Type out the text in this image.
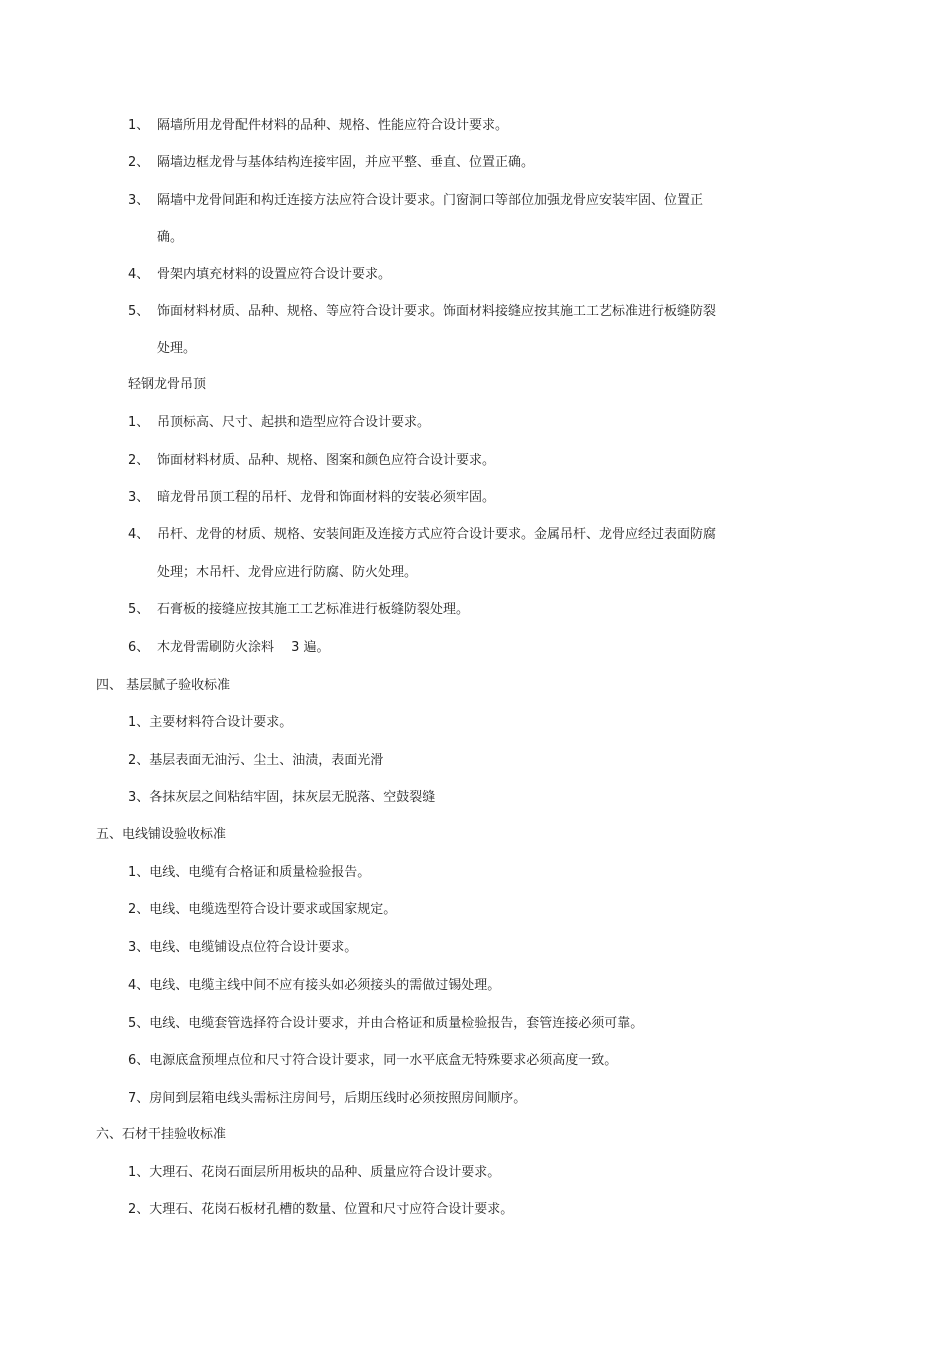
1、 隔墙所用龙骨配件材料的品种、规格、性能应符合设计要求。
2、 隔墙边框龙骨与基体结构连接牢固，并应平整、垂直、位置正确。
3、 隔墙中龙骨间距和构迁连接方法应符合设计要求。门窗洞口等部位加强龙骨应安装牢固、位置正
确。
4、 骨架内填充材料的设置应符合设计要求。
5、 饰面材料材质、品种、规格、等应符合设计要求。饰面材料接缝应按其施工工艺标准进行板缝防裂
处理。
轻钢龙骨吊顶
1、 吊顶标高、尺寸、起拱和造型应符合设计要求。
2、 饰面材料材质、品种、规格、图案和颜色应符合设计要求。
3、 暗龙骨吊顶工程的吊杆、龙骨和饰面材料的安装必须牢固。
4、 吊杆、龙骨的材质、规格、安装间距及连接方式应符合设计要求。金属吊杆、龙骨应经过表面防腐
处理；木吊杆、龙骨应进行防腐、防火处理。
5、 石膏板的接缝应按其施工工艺标准进行板缝防裂处理。
6、 木龙骨需刷防火涂料　 3 遍。
四、 基层腻子验收标准
1、主要材料符合设计要求。
2、基层表面无油污、尘土、油渍，表面光滑
3、各抹灰层之间粘结牢固，抹灰层无脱落、空鼓裂缝
五、电线铺设验收标准
1、电线、电缆有合格证和质量检验报告。
2、电线、电缆选型符合设计要求或国家规定。
3、电线、电缆铺设点位符合设计要求。
4、电线、电缆主线中间不应有接头如必须接头的需做过锡处理。
5、电线、电缆套管选择符合设计要求，并由合格证和质量检验报告，套管连接必须可靠。
6、电源底盒预埋点位和尺寸符合设计要求，同一水平底盒无特殊要求必须高度一致。
7、房间到层箱电线头需标注房间号，后期压线时必须按照房间顺序。
六、石材干挂验收标准
1、大理石、花岗石面层所用板块的品种、质量应符合设计要求。
2、大理石、花岗石板材孔槽的数量、位置和尺寸应符合设计要求。
